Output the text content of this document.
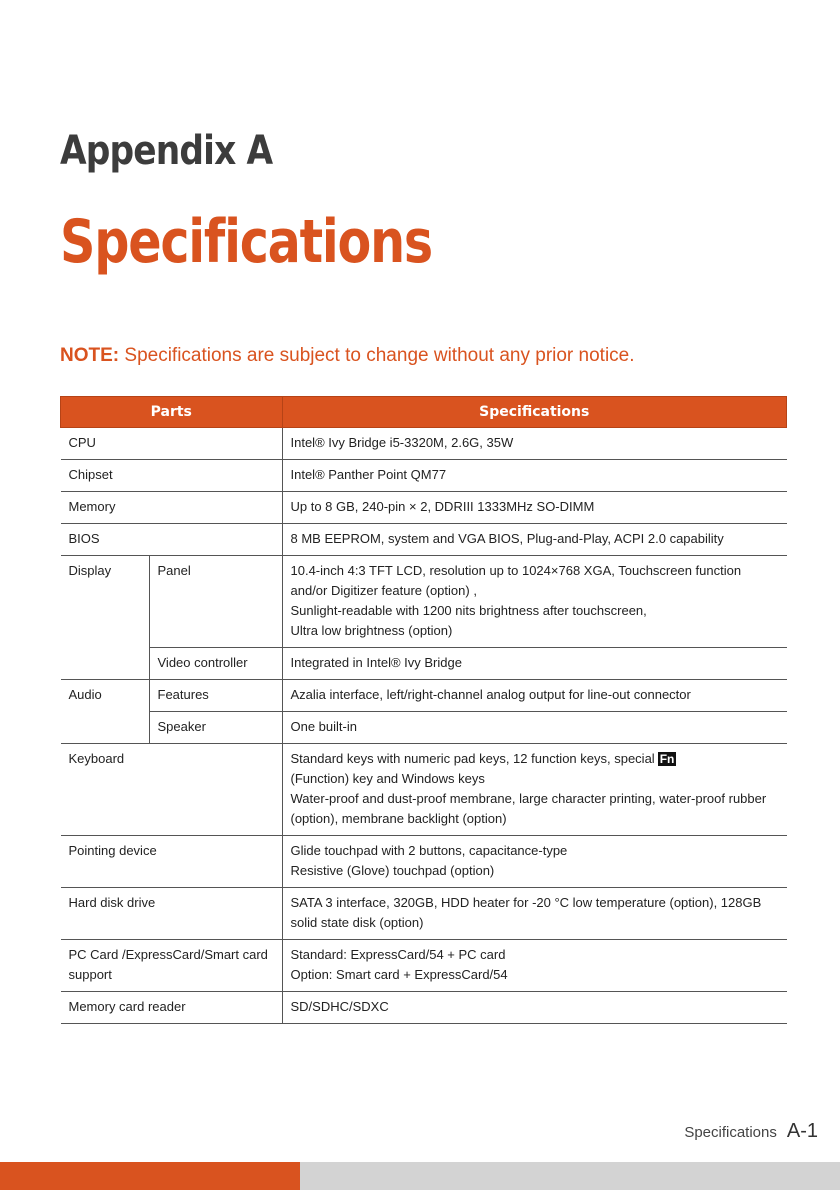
Appendix A
Specifications
NOTE: Specifications are subject to change without any prior notice.
Parts		Specifications
CPU		Intel® Ivy Bridge i5-3320M, 2.6G, 35W

Chipset		Intel® Panther Point QM77

Memory		Up to 8 GB, 240-pin × 2, DDRIII 1333MHz SO-DIMM

BIOS		8 MB EEPROM, system and VGA BIOS, Plug-and-Play, ACPI 2.0 capability

Display	Panel	10.4-inch 4:3 TFT LCD, resolution up to 1024×768 XGA, Touchscreen function and/or Digitizer feature (option) ,
Sunlight-readable with 1200 nits brightness after touchscreen,
Ultra low brightness (option)

	Video controller	Integrated in Intel® Ivy Bridge

Audio	Features	Azalia interface, left/right-channel analog output for line-out connector

	Speaker	One built-in

Keyboard		Standard keys with numeric pad keys, 12 function keys, special Fn
(Function) key and Windows keys
Water-proof and dust-proof membrane, large character printing, water-proof rubber (option), membrane backlight (option)

Pointing device		Glide touchpad with 2 buttons, capacitance-type
Resistive (Glove) touchpad (option)

Hard disk drive		SATA 3 interface, 320GB, HDD heater for -20 °C low temperature (option), 128GB solid state disk (option)

PC Card /ExpressCard/Smart card support		Standard: ExpressCard/54 + PC card
Option: Smart card + ExpressCard/54

Memory card reader		SD/SDHC/SDXC
Specifications A-1
